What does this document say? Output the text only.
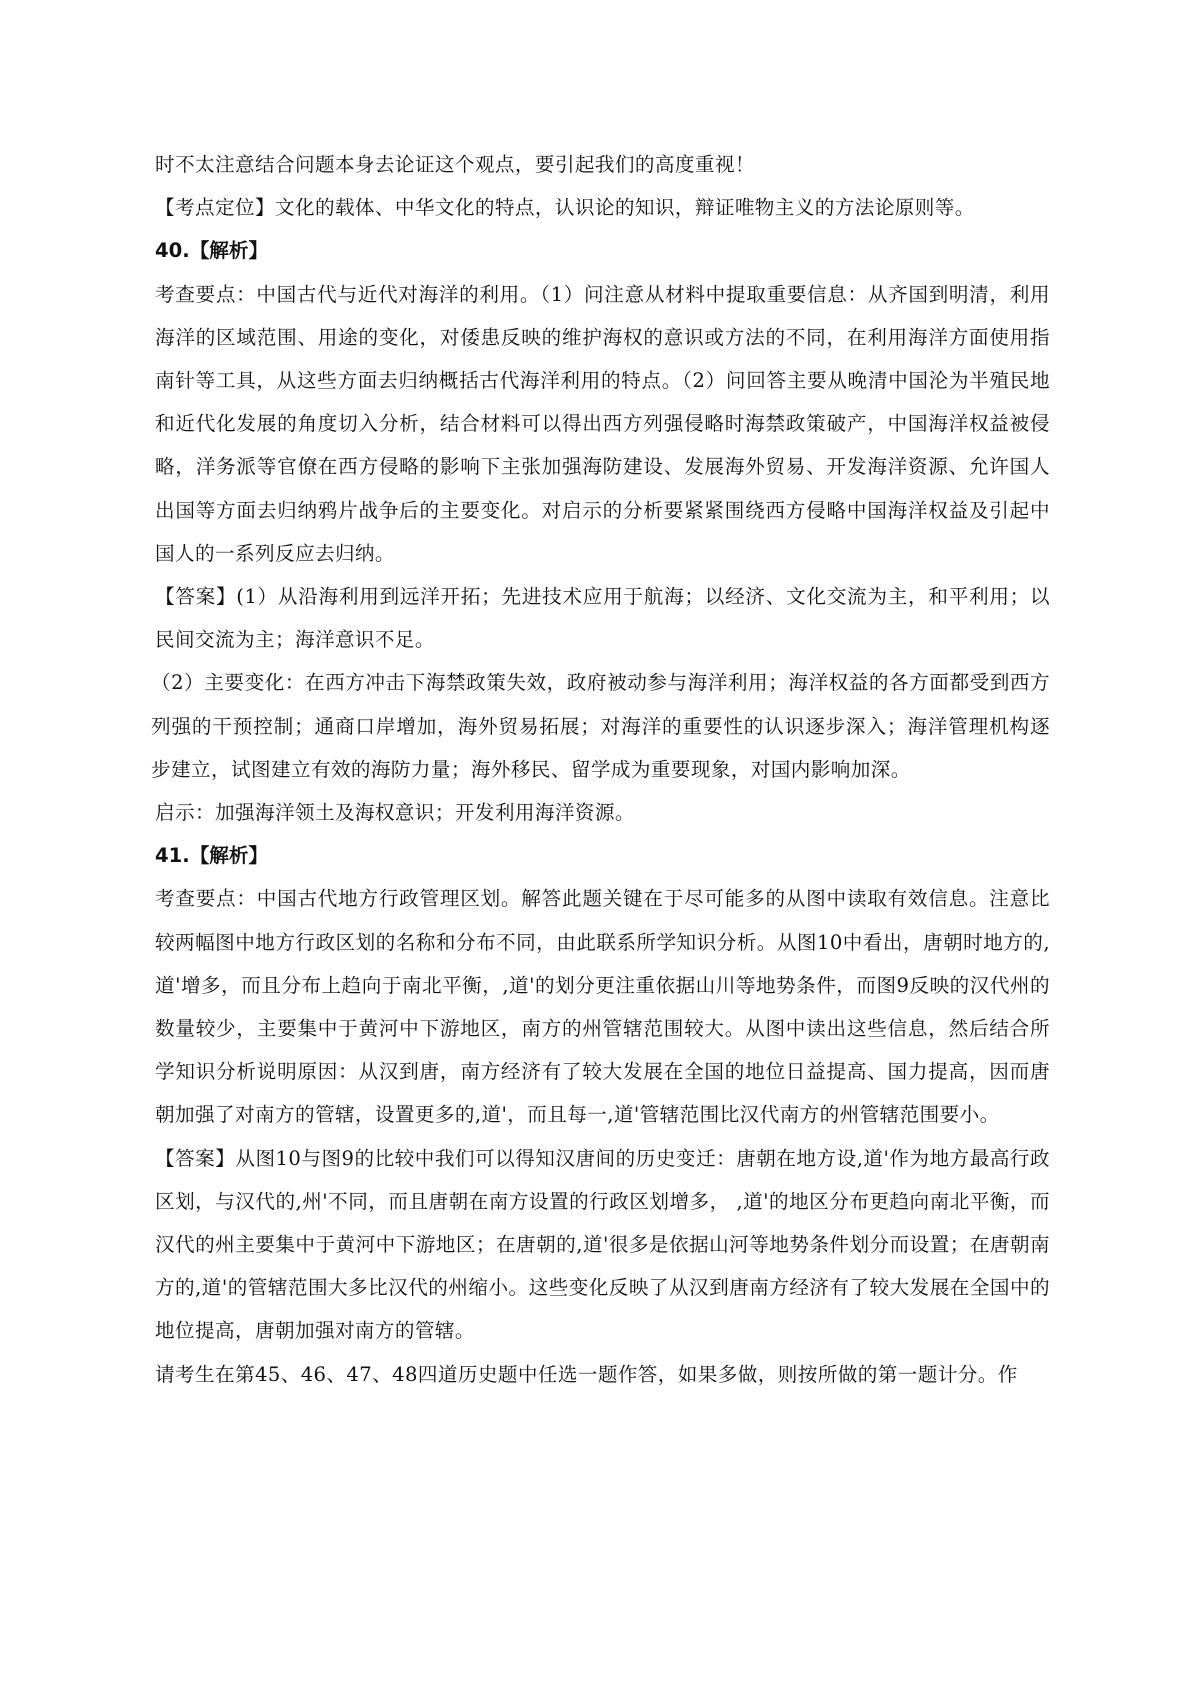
时不太注意结合问题本身去论证这个观点，要引起我们的高度重视！

【考点定位】文化的载体、中华文化的特点，认识论的知识，辩证唯物主义的方法论原则等。

40.【解析】

考查要点：中国古代与近代对海洋的利用。（1）问注意从材料中提取重要信息：从齐国到明清，利用海洋的区域范围、用途的变化，对倭患反映的维护海权的意识或方法的不同，在利用海洋方面使用指南针等工具，从这些方面去归纳概括古代海洋利用的特点。（2）问回答主要从晚清中国沦为半殖民地和近代化发展的角度切入分析，结合材料可以得出西方列强侵略时海禁政策破产，中国海洋权益被侵略，洋务派等官僚在西方侵略的影响下主张加强海防建设、发展海外贸易、开发海洋资源、允许国人出国等方面去归纳鸦片战争后的主要变化。对启示的分析要紧紧围绕西方侵略中国海洋权益及引起中国人的一系列反应去归纳。

【答案】(1）从沿海利用到远洋开拓；先进技术应用于航海；以经济、文化交流为主，和平利用；以民间交流为主；海洋意识不足。

（2）主要变化：在西方冲击下海禁政策失效，政府被动参与海洋利用；海洋权益的各方面都受到西方列强的干预控制；通商口岸增加，海外贸易拓展；对海洋的重要性的认识逐步深入；海洋管理机构逐步建立，试图建立有效的海防力量；海外移民、留学成为重要现象，对国内影响加深。

启示：加强海洋领土及海权意识；开发利用海洋资源。

41.【解析】

考查要点：中国古代地方行政管理区划。解答此题关键在于尽可能多的从图中读取有效信息。注意比较两幅图中地方行政区划的名称和分布不同，由此联系所学知识分析。从图10中看出，唐朝时地方的,道'增多，而且分布上趋向于南北平衡，,道'的划分更注重依据山川等地势条件，而图9反映的汉代州的数量较少，主要集中于黄河中下游地区，南方的州管辖范围较大。从图中读出这些信息，然后结合所学知识分析说明原因：从汉到唐，南方经济有了较大发展在全国的地位日益提高、国力提高，因而唐朝加强了对南方的管辖，设置更多的,道'，而且每一,道'管辖范围比汉代南方的州管辖范围要小。

【答案】从图10与图9的比较中我们可以得知汉唐间的历史变迁：唐朝在地方设,道'作为地方最高行政区划，与汉代的,州'不同，而且唐朝在南方设置的行政区划增多， ,道'的地区分布更趋向南北平衡，而汉代的州主要集中于黄河中下游地区；在唐朝的,道'很多是依据山河等地势条件划分而设置；在唐朝南方的,道'的管辖范围大多比汉代的州缩小。这些变化反映了从汉到唐南方经济有了较大发展在全国中的地位提高，唐朝加强对南方的管辖。

请考生在第45、46、47、48四道历史题中任选一题作答，如果多做，则按所做的第一题计分。作
